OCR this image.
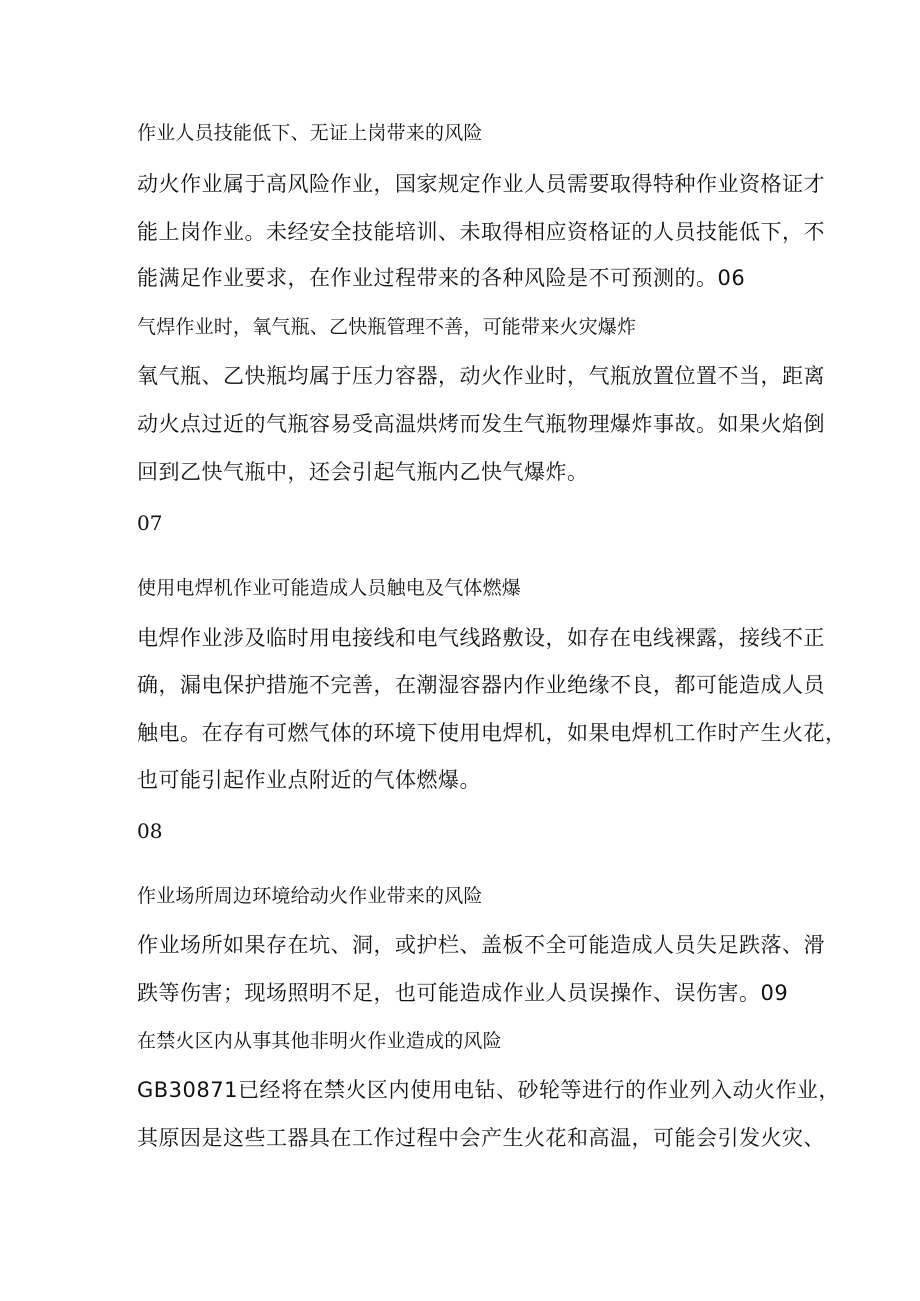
作业人员技能低下、无证上岗带来的风险
动火作业属于高风险作业，国家规定作业人员需要取得特种作业资格证才
能上岗作业。未经安全技能培训、未取得相应资格证的人员技能低下，不
能满足作业要求，在作业过程带来的各种风险是不可预测的。06
气焊作业时，氧气瓶、乙快瓶管理不善，可能带来火灾爆炸
氧气瓶、乙快瓶均属于压力容器，动火作业时，气瓶放置位置不当，距离
动火点过近的气瓶容易受高温烘烤而发生气瓶物理爆炸事故。如果火焰倒
回到乙快气瓶中，还会引起气瓶内乙快气爆炸。
07
使用电焊机作业可能造成人员触电及气体燃爆
电焊作业涉及临时用电接线和电气线路敷设，如存在电线裸露，接线不正
确，漏电保护措施不完善，在潮湿容器内作业绝缘不良，都可能造成人员
触电。在存有可燃气体的环境下使用电焊机，如果电焊机工作时产生火花，
也可能引起作业点附近的气体燃爆。
08
作业场所周边环境给动火作业带来的风险
作业场所如果存在坑、洞，或护栏、盖板不全可能造成人员失足跌落、滑
跌等伤害；现场照明不足，也可能造成作业人员误操作、误伤害。09
在禁火区内从事其他非明火作业造成的风险
GB30871已经将在禁火区内使用电钻、砂轮等进行的作业列入动火作业，
其原因是这些工器具在工作过程中会产生火花和高温，可能会引发火灾、
